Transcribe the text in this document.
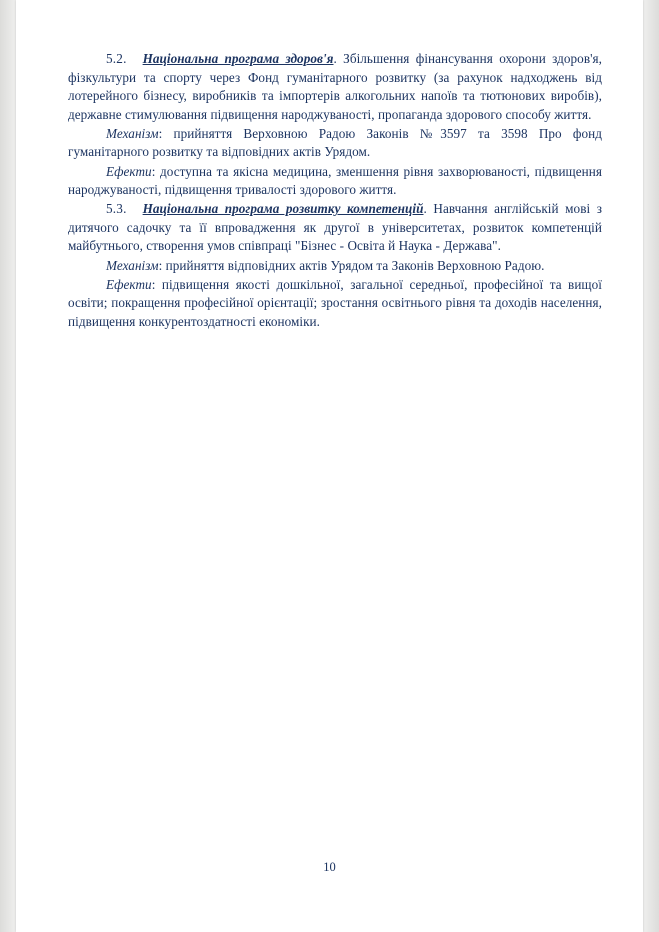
5.2. Національна програма здоров'я. Збільшення фінансування охорони здоров'я, фізкультури та спорту через Фонд гуманітарного розвитку (за рахунок надходжень від лотерейного бізнесу, виробників та імпортерів алкогольних напоїв та тютюнових виробів), державне стимулювання підвищення народжуваності, пропаганда здорового способу життя.

Механізм: прийняття Верховною Радою Законів №3597 та 3598 Про фонд гуманітарного розвитку та відповідних актів Урядом.

Ефекти: доступна та якісна медицина, зменшення рівня захворюваності, підвищення народжуваності, підвищення тривалості здорового життя.

5.3. Національна програма розвитку компетенцій. Навчання англійській мові з дитячого садочку та її впровадження як другої в університетах, розвиток компетенцій майбутнього, створення умов співпраці "Бізнес - Освіта й Наука - Держава".

Механізм: прийняття відповідних актів Урядом та Законів Верховною Радою.

Ефекти: підвищення якості дошкільної, загальної середньої, професійної та вищої освіти; покращення професійної орієнтації; зростання освітнього рівня та доходів населення, підвищення конкурентоздатності економіки.

10
